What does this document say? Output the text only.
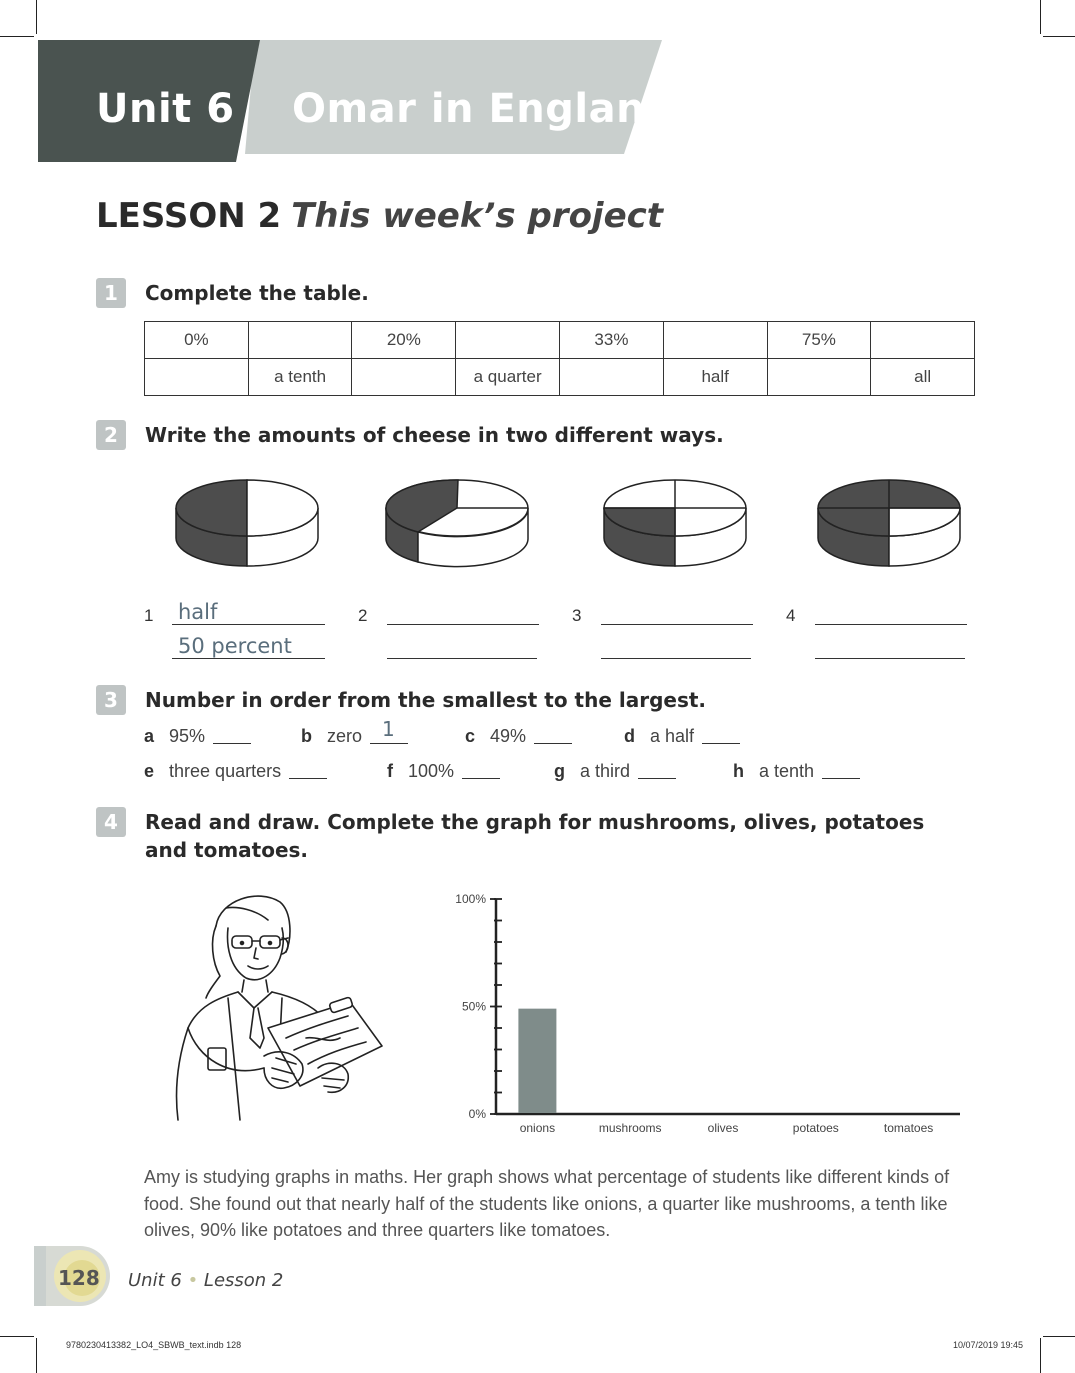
Unit 6 Omar in England
LESSON 2 This week’s project
1	Complete the table.
0%		20%		33%		75%	
	a tenth		a quarter		half		all
2	Write the amounts of cheese in two different ways.
1 half
50 percent
2	3	4
3	Number in order from the smallest to the largest.
a 95%	b zero 1	c 49%	d a half
e three quarters	f 100%	g a third	h a tenth
4	Read and draw. Complete the graph for mushrooms, olives, potatoes
and tomatoes.
0%
50%
100%
onions	mushrooms	olives	potatoes	tomatoes
Amy is studying graphs in maths. Her graph shows what percentage of students like different kinds of food. She found out that nearly half of the students like onions, a quarter like mushrooms, a tenth like olives, 90% like potatoes and three quarters like tomatoes.
128 Unit 6 • Lesson 2
9780230413382_LO4_SBWB_text.indb 128	10/07/2019 19:45
